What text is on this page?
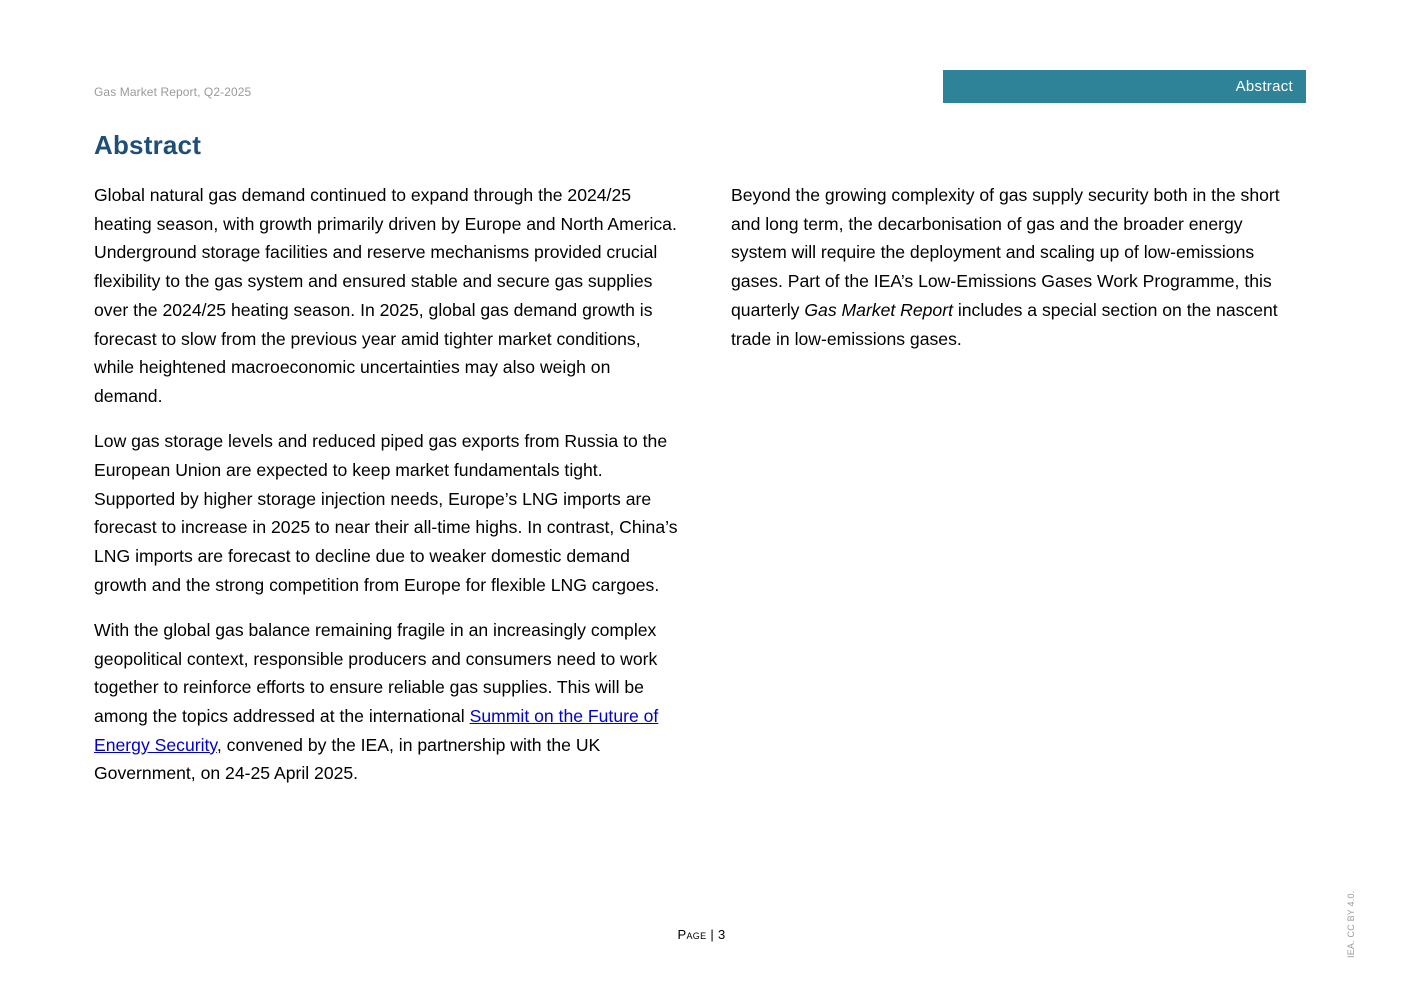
Gas Market Report, Q2-2025	Abstract
Abstract

Global natural gas demand continued to expand through the 2024/25 heating season, with growth primarily driven by Europe and North America. Underground storage facilities and reserve mechanisms provided crucial flexibility to the gas system and ensured stable and secure gas supplies over the 2024/25 heating season. In 2025, global gas demand growth is forecast to slow from the previous year amid tighter market conditions, while heightened macroeconomic uncertainties may also weigh on demand.

Low gas storage levels and reduced piped gas exports from Russia to the European Union are expected to keep market fundamentals tight. Supported by higher storage injection needs, Europe’s LNG imports are forecast to increase in 2025 to near their all-time highs. In contrast, China’s LNG imports are forecast to decline due to weaker domestic demand growth and the strong competition from Europe for flexible LNG cargoes.

With the global gas balance remaining fragile in an increasingly complex geopolitical context, responsible producers and consumers need to work together to reinforce efforts to ensure reliable gas supplies. This will be among the topics addressed at the international Summit on the Future of Energy Security, convened by the IEA, in partnership with the UK Government, on 24-25 April 2025.

Beyond the growing complexity of gas supply security both in the short and long term, the decarbonisation of gas and the broader energy system will require the deployment and scaling up of low-emissions gases. Part of the IEA’s Low-Emissions Gases Work Programme, this quarterly Gas Market Report includes a special section on the nascent trade in low-emissions gases.

Page | 3	IEA. CC BY 4.0.
